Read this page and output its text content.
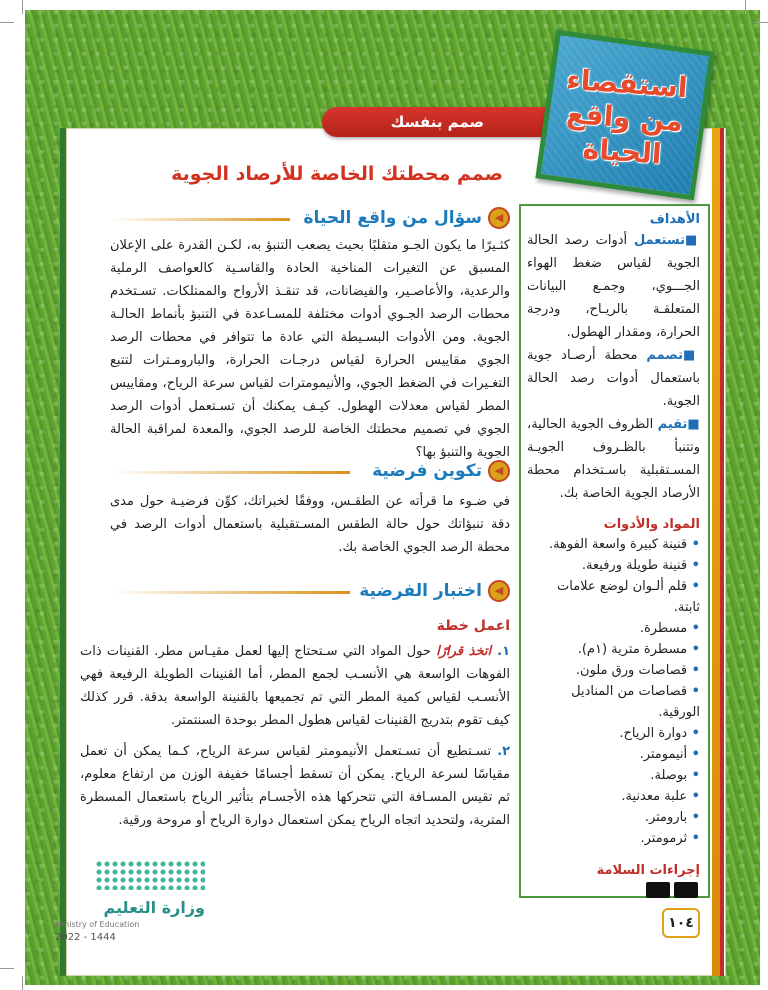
صمم بنفسك
استقصاء
من واقع
الحياة
صمم محطتك الخاصة للأرصاد الجوية
الأهداف
■تستعمل أدوات رصد الحالة الجوية لقياس ضغط الهواء الجـــوي، وجمـع البيانات المتعلقـة بالريـاح، ودرجة الحرارة، ومقدار الهطول.
■تصمم محطة أرصـاد جوية باستعمال أدوات رصد الحالة الجوية.
■تقيم الظروف الجوية الحالية، وتتنبأ بالظـروف الجويـة المسـتقبلية باسـتخدام محطة الأرصاد الجوية الخاصة بك.
المواد والأدوات
• قنينة كبيرة واسعة الفوهة.
• قنينة طويلة ورفيعة.
• قلم ألـوان لوضع علامات ثابتة.
• مسطرة.
• مسطرة مترية (١م).
• قصاصات ورق ملون.
• قصاصات من المناديل الورقية.
• دوارة الرياح.
• أنيمومتر.
• بوصلة.
• علبة معدنية.
• بارومتر.
• ثرمومتر.
إجراءات السلامة
◀
سؤال من واقع الحياة
كثـيرًا ما يكون الجـو متقلبًا بحيث يصعب التنبؤ به، لكـن القدرة على الإعلان المسبق عن التغيرات المناخية الحادة والقاسـية كالعواصف الرملية والرعدية، والأعاصـير، والفيضانات، قد تنقـذ الأرواح والممتلكات. تسـتخدم محطات الرصد الجـوي أدوات مختلفة للمسـاعدة في التنبؤ بأنماط الحالـة الجوية. ومن الأدوات البسـيطة التي عادة ما تتوافر في محطات الرصد الجوي مقاييس الحرارة لقياس درجـات الحرارة، والبارومـترات لتتبع التغـيرات في الضغط الجوي، والأنيمومترات لقياس سرعة الرياح، ومقاييس المطر لقياس معدلات الهطول. كيـف يمكنك أن تسـتعمل أدوات الرصد الجوي في تصميم محطتك الخاصة للرصد الجوي، والمعدة لمراقبة الحالة الجوية والتنبؤ بها؟
◀
تكوين فرضية
في ضـوء ما قرأته عن الطقـس، ووفقًا لخبراتك، كوِّن فرضيـة حول مدى دقة تنبؤاتك حول حالة الطقس المسـتقبلية باستعمال أدوات الرصد في محطة الرصد الجوي الخاصة بك.
◀
اختبار الفرضية
اعمل خطة
١.اتخذ قرارًا حول المواد التي سـتحتاج إليها لعمل مقيـاس مطر. القنينات ذات الفوهات الواسعة هي الأنسـب لجمع المطر، أما القنينات الطويلة الرفيعة فهي الأنسـب لقياس كمية المطر التي تم تجميعها بالقنينة الواسعة بدقة. قرر كذلك كيف تقوم بتدريج القنينات لقياس هطول المطر بوحدة السنتمتر.
٢.تسـتطيع أن تسـتعمل الأنيمومتر لقياس سرعة الرياح، كـما يمكن أن تعمل مقياسًا لسرعة الرياح. يمكن أن تسقط أجسامًا خفيفة الوزن من ارتفاع معلوم، ثم تقيس المسـافة التي تتحركها هذه الأجسـام بتأثير الرياح باستعمال المسطرة المترية، ولتحديد اتجاه الرياح يمكن استعمال دوارة الرياح أو مروحة ورقية.
وزارة التعليم
Ministry of Education
2022 - 1444
١٠٤
